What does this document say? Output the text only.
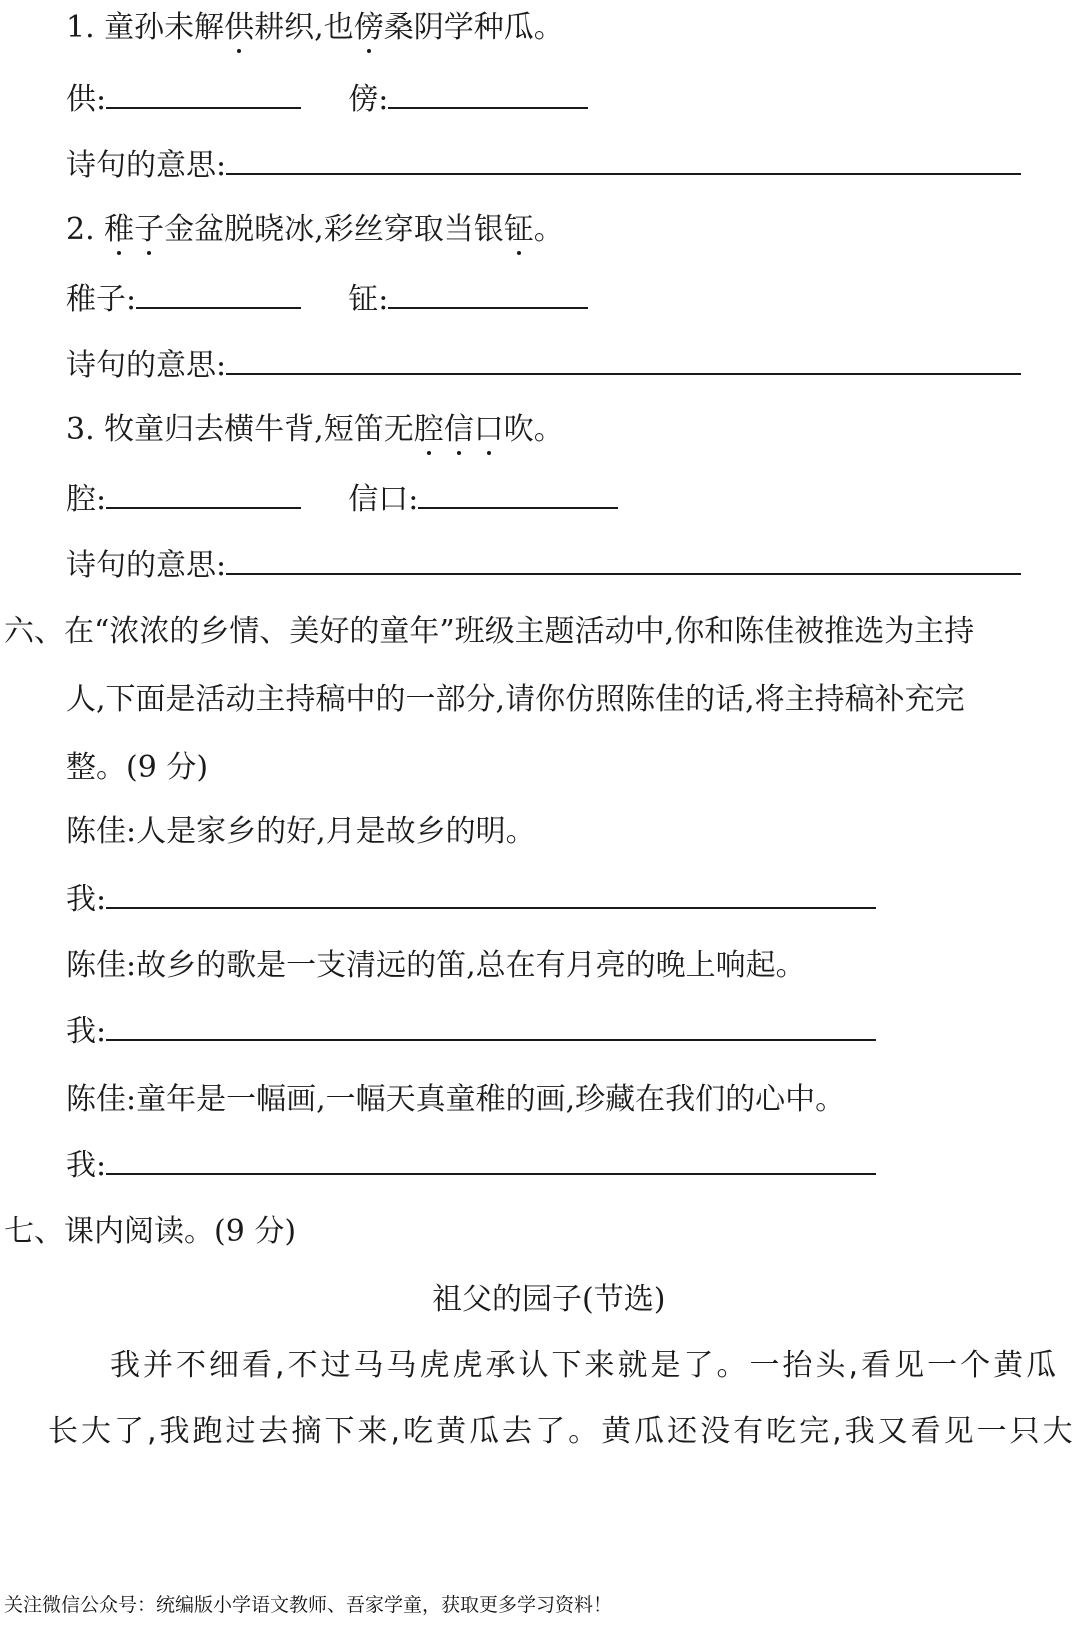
1. 童孙未解供耕织,也傍桑阴学种瓜。
供:	傍:
诗句的意思:
2. 稚子金盆脱晓冰,彩丝穿取当银钲。
稚子:	钲:
诗句的意思:
3. 牧童归去横牛背,短笛无腔信口吹。
腔:	信口:
诗句的意思:
六、在“浓浓的乡情、美好的童年”班级主题活动中,你和陈佳被推选为主持
人,下面是活动主持稿中的一部分,请你仿照陈佳的话,将主持稿补充完
整。(9 分)
陈佳:人是家乡的好,月是故乡的明。
我:
陈佳:故乡的歌是一支清远的笛,总在有月亮的晚上响起。
我:
陈佳:童年是一幅画,一幅天真童稚的画,珍藏在我们的心中。
我:
七、课内阅读。(9 分)
祖父的园子(节选)
我并不细看,不过马马虎虎承认下来就是了。一抬头,看见一个黄瓜
长大了,我跑过去摘下来,吃黄瓜去了。黄瓜还没有吃完,我又看见一只大
关注微信公众号：统编版小学语文教师、吾家学童，获取更多学习资料！
